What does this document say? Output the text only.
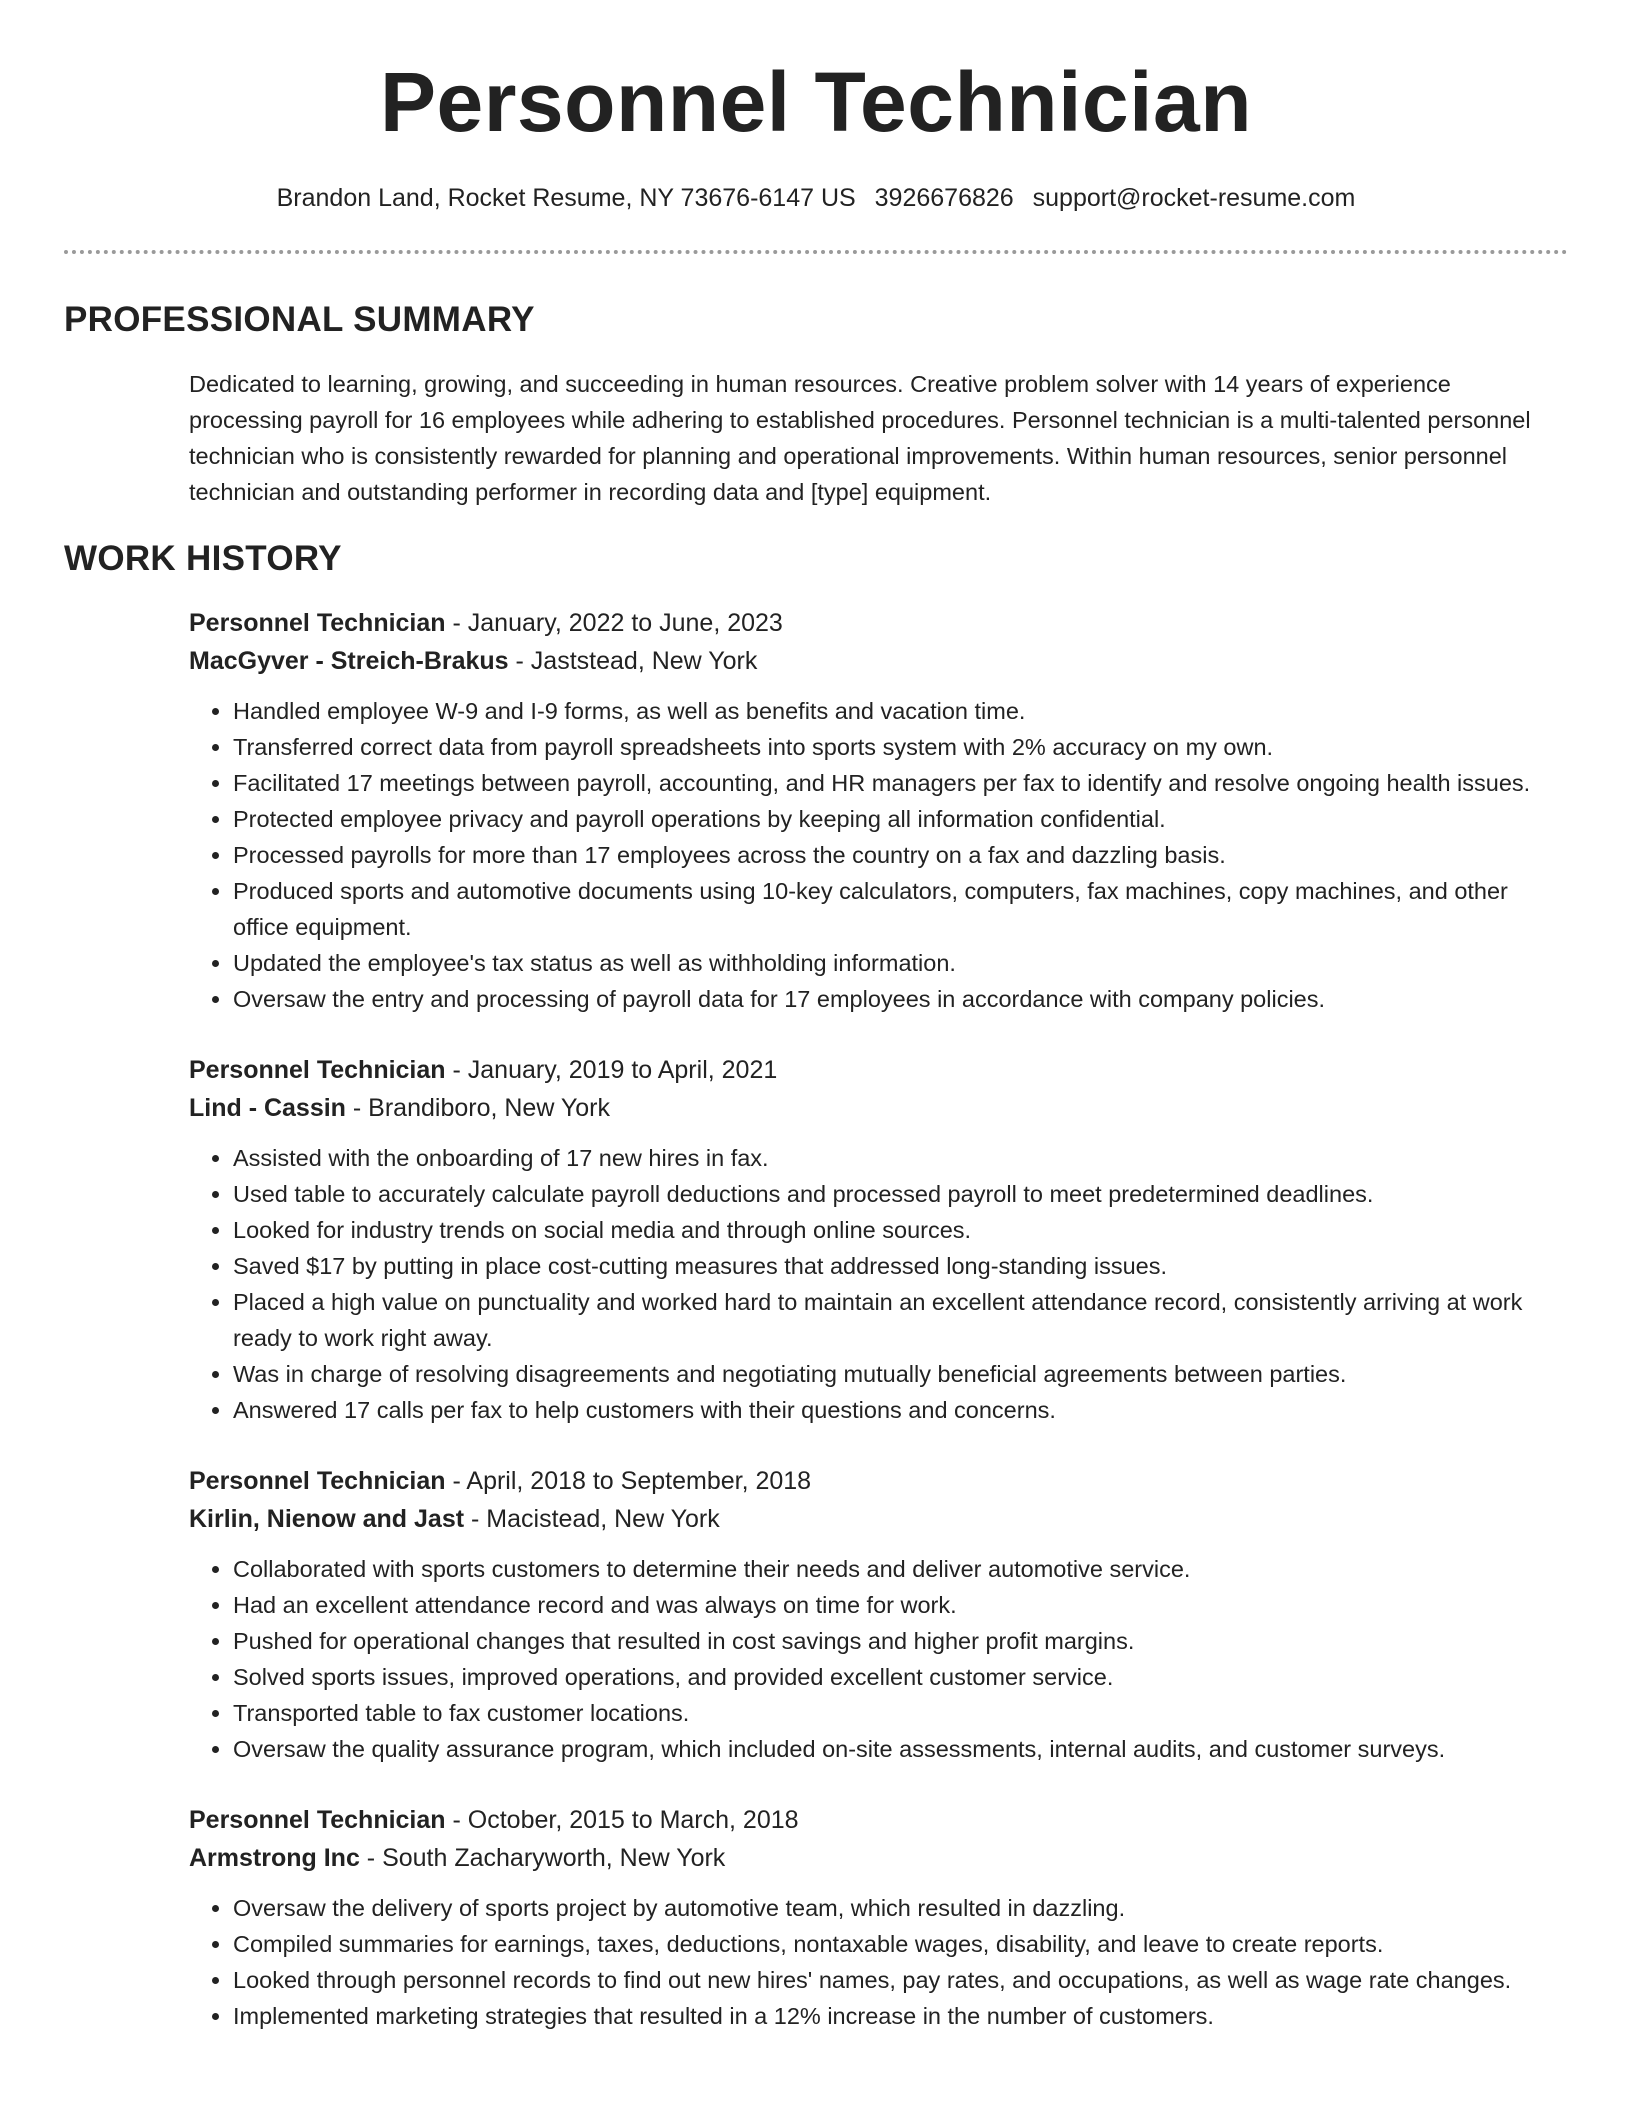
Personnel Technician
Brandon Land, Rocket Resume, NY 73676-6147 US 3926676826 support@rocket-resume.com
PROFESSIONAL SUMMARY

Dedicated to learning, growing, and succeeding in human resources. Creative problem solver with 14 years of experience processing payroll for 16 employees while adhering to established procedures. Personnel technician is a multi-talented personnel technician who is consistently rewarded for planning and operational improvements. Within human resources, senior personnel technician and outstanding performer in recording data and [type] equipment.

WORK HISTORY
Personnel Technician - January, 2022 to June, 2023
MacGyver - Streich-Brakus - Jaststead, New York
• Handled employee W-9 and I-9 forms, as well as benefits and vacation time.
• Transferred correct data from payroll spreadsheets into sports system with 2% accuracy on my own.
• Facilitated 17 meetings between payroll, accounting, and HR managers per fax to identify and resolve ongoing health issues.
• Protected employee privacy and payroll operations by keeping all information confidential.
• Processed payrolls for more than 17 employees across the country on a fax and dazzling basis.
• Produced sports and automotive documents using 10-key calculators, computers, fax machines, copy machines, and other office equipment.
• Updated the employee's tax status as well as withholding information.
• Oversaw the entry and processing of payroll data for 17 employees in accordance with company policies.
Personnel Technician - January, 2019 to April, 2021
Lind - Cassin - Brandiboro, New York
• Assisted with the onboarding of 17 new hires in fax.
• Used table to accurately calculate payroll deductions and processed payroll to meet predetermined deadlines.
• Looked for industry trends on social media and through online sources.
• Saved $17 by putting in place cost-cutting measures that addressed long-standing issues.
• Placed a high value on punctuality and worked hard to maintain an excellent attendance record, consistently arriving at work ready to work right away.
• Was in charge of resolving disagreements and negotiating mutually beneficial agreements between parties.
• Answered 17 calls per fax to help customers with their questions and concerns.
Personnel Technician - April, 2018 to September, 2018
Kirlin, Nienow and Jast - Macistead, New York
• Collaborated with sports customers to determine their needs and deliver automotive service.
• Had an excellent attendance record and was always on time for work.
• Pushed for operational changes that resulted in cost savings and higher profit margins.
• Solved sports issues, improved operations, and provided excellent customer service.
• Transported table to fax customer locations.
• Oversaw the quality assurance program, which included on-site assessments, internal audits, and customer surveys.
Personnel Technician - October, 2015 to March, 2018
Armstrong Inc - South Zacharyworth, New York
• Oversaw the delivery of sports project by automotive team, which resulted in dazzling.
• Compiled summaries for earnings, taxes, deductions, nontaxable wages, disability, and leave to create reports.
• Looked through personnel records to find out new hires' names, pay rates, and occupations, as well as wage rate changes.
• Implemented marketing strategies that resulted in a 12% increase in the number of customers.
